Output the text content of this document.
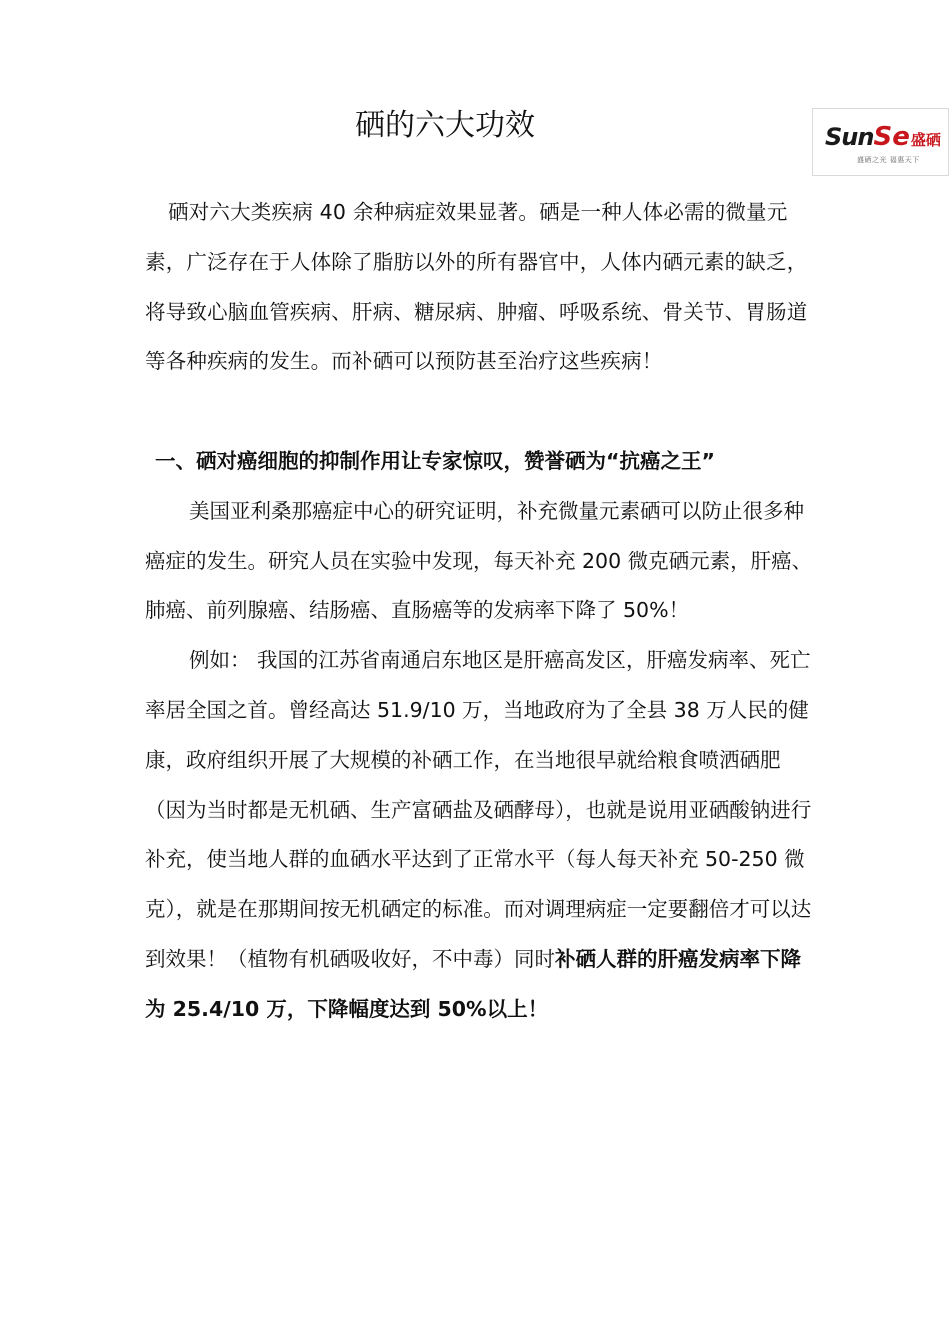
SunSe盛硒
盛硒之光 福惠天下
硒的六大功效

硒对六大类疾病 40 余种病症效果显著。硒是一种人体必需的微量元素，广泛存在于人体除了脂肪以外的所有器官中，人体内硒元素的缺乏，将导致心脑血管疾病、肝病、糖尿病、肿瘤、呼吸系统、骨关节、胃肠道等各种疾病的发生。而补硒可以预防甚至治疗这些疾病！

一、硒对癌细胞的抑制作用让专家惊叹，赞誉硒为“抗癌之王”

美国亚利桑那癌症中心的研究证明，补充微量元素硒可以防止很多种癌症的发生。研究人员在实验中发现，每天补充 200 微克硒元素，肝癌、肺癌、前列腺癌、结肠癌、直肠癌等的发病率下降了 50%！

例如： 我国的江苏省南通启东地区是肝癌高发区，肝癌发病率、死亡率居全国之首。曾经高达 51.9/10 万，当地政府为了全县 38 万人民的健康，政府组织开展了大规模的补硒工作，在当地很早就给粮食喷洒硒肥（因为当时都是无机硒、生产富硒盐及硒酵母），也就是说用亚硒酸钠进行补充，使当地人群的血硒水平达到了正常水平（每人每天补充 50-250 微克），就是在那期间按无机硒定的标准。而对调理病症一定要翻倍才可以达到效果！（植物有机硒吸收好，不中毒）同时补硒人群的肝癌发病率下降为 25.4/10 万，下降幅度达到 50%以上！
